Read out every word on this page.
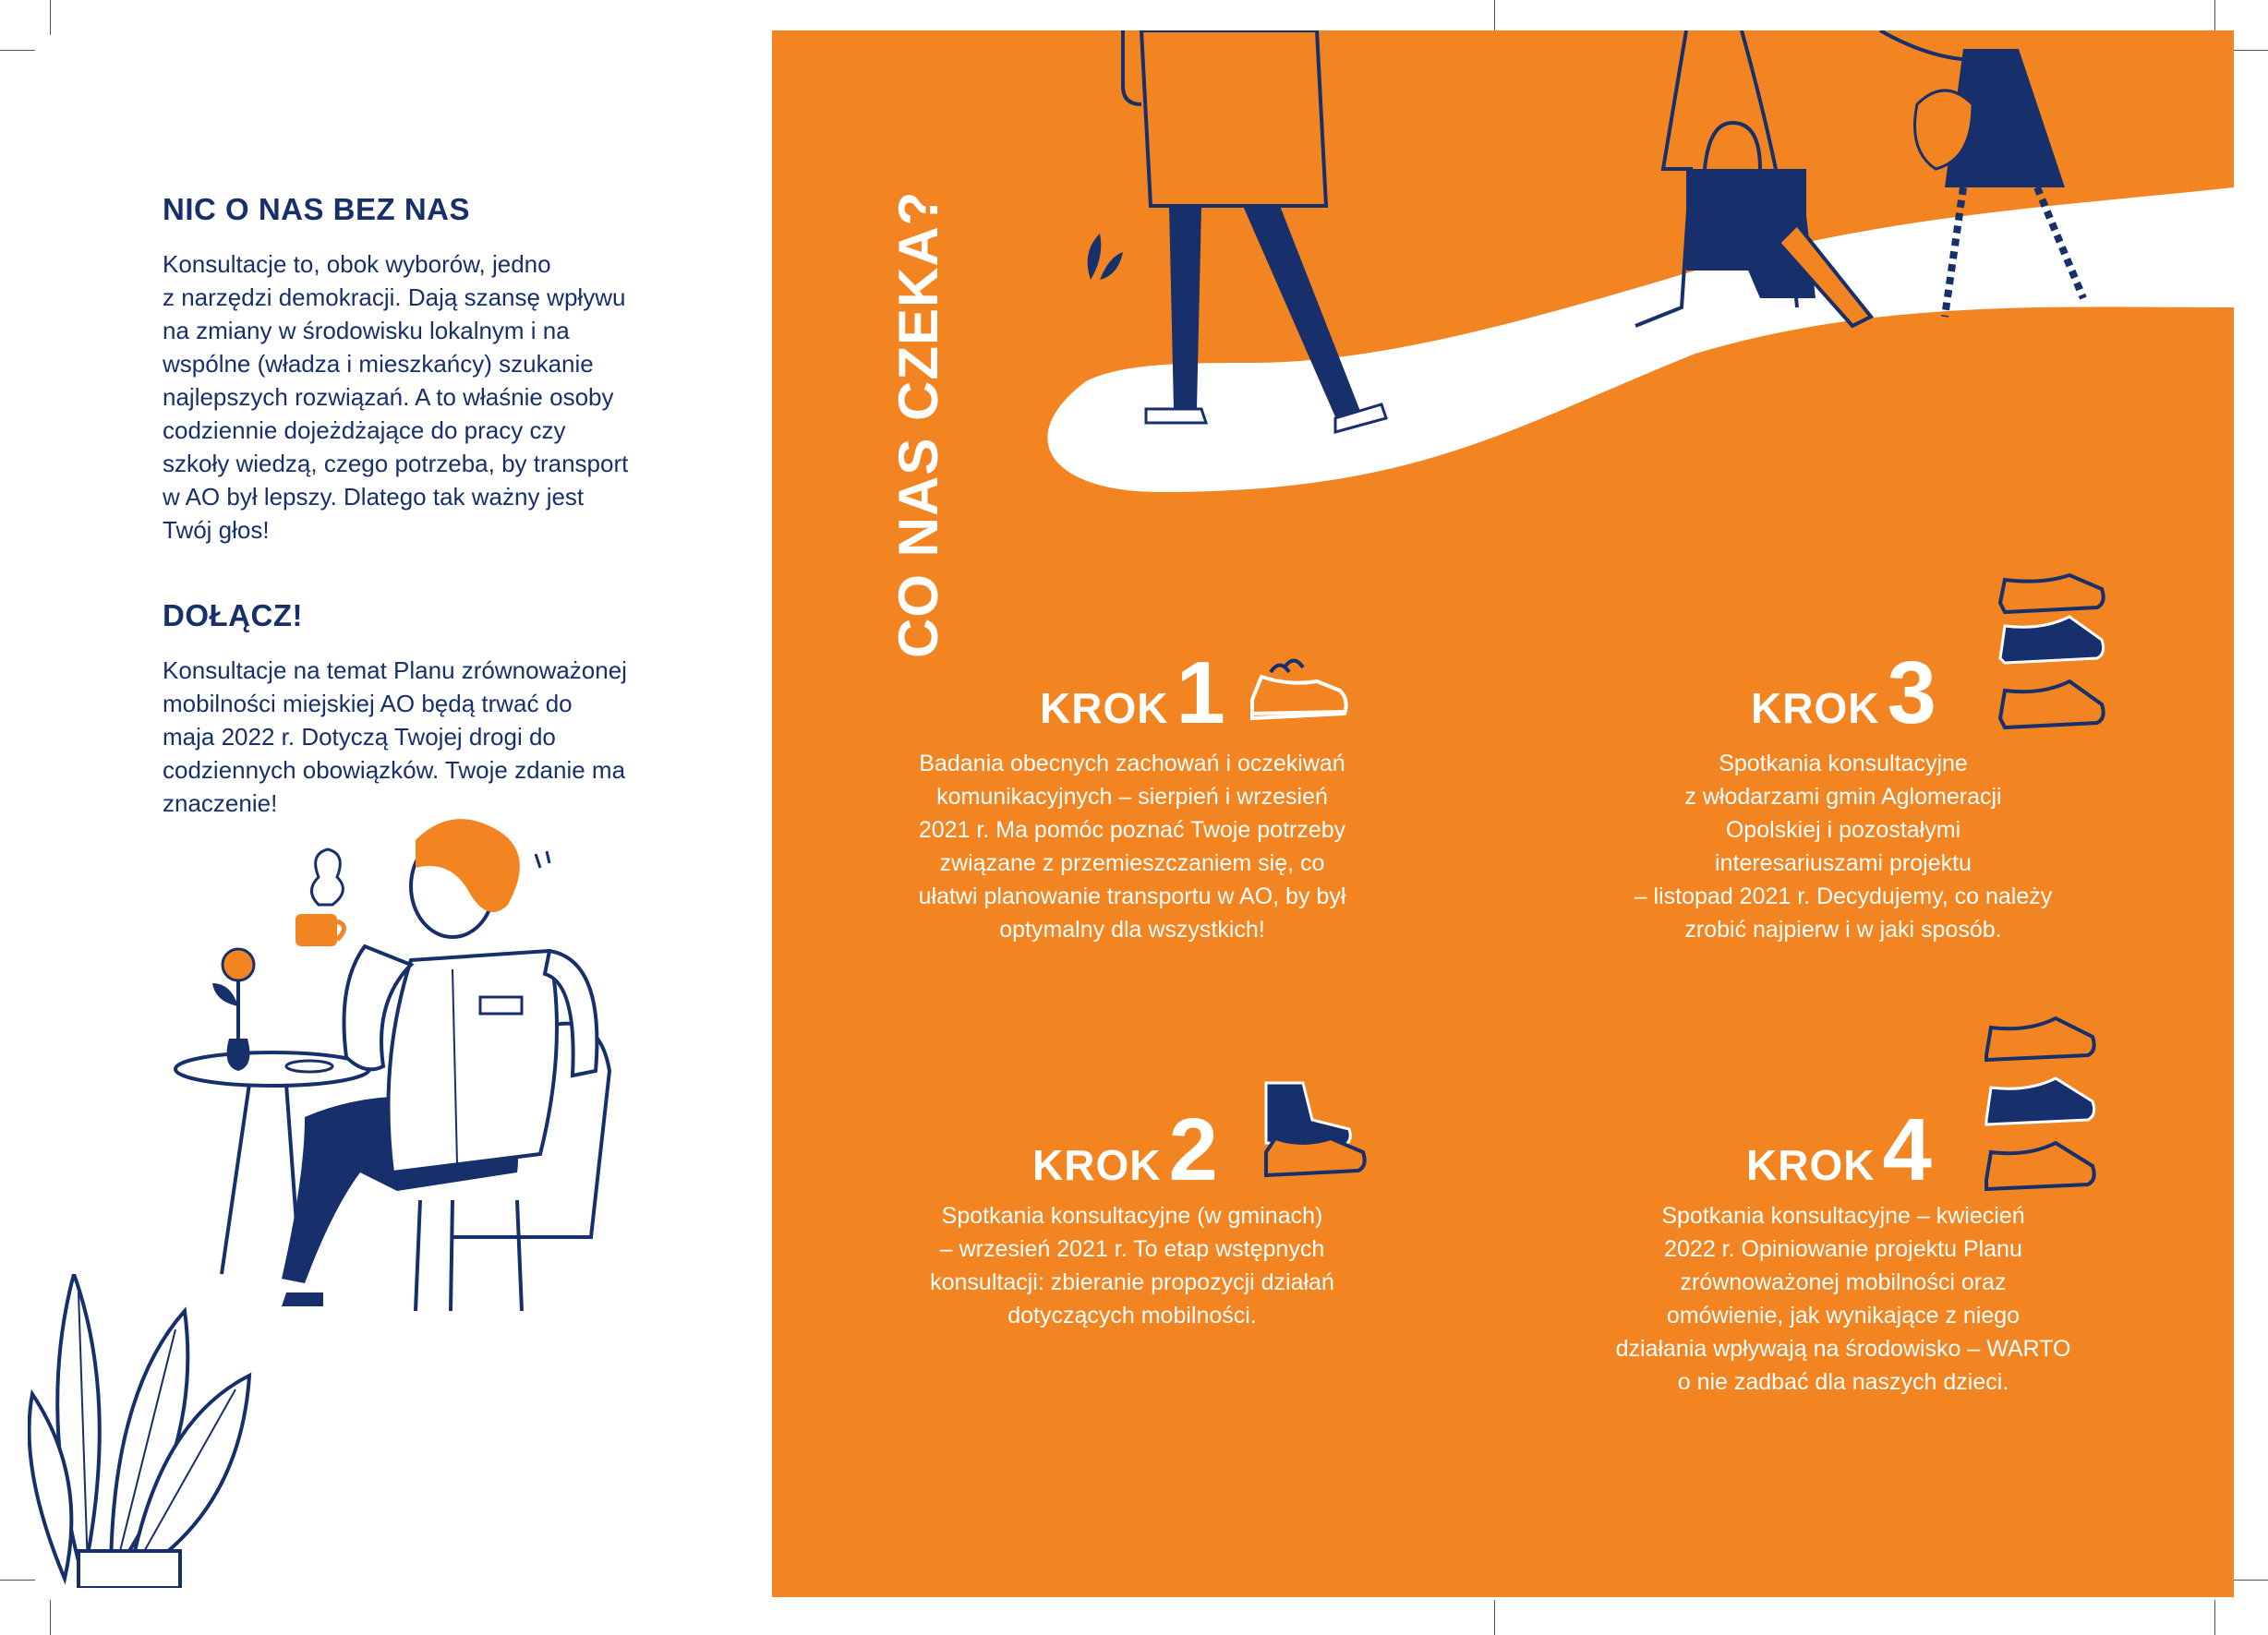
NIC O NAS BEZ NAS

Konsultacje to, obok wyborów, jedno

z narzędzi demokracji. Dają szansę wpływu

na zmiany w środowisku lokalnym i na

wspólne (władza i mieszkańcy) szukanie

najlepszych rozwiązań. A to właśnie osoby

codziennie dojeżdżające do pracy czy

szkoły wiedzą, czego potrzeba, by transport

w AO był lepszy. Dlatego tak ważny jest

Twój głos!

DOŁĄCZ!

Konsultacje na temat Planu zrównoważonej

mobilności miejskiej AO będą trwać do

maja 2022 r. Dotyczą Twojej drogi do

codziennych obowiązków. Twoje zdanie ma

znaczenie!

CO NAS CZEKA?
KROK1
Badania obecnych zachowań i oczekiwań
komunikacyjnych – sierpień i wrzesień
2021 r. Ma pomóc poznać Twoje potrzeby
związane z przemieszczaniem się, co
ułatwi planowanie transportu w AO, by był
optymalny dla wszystkich!
KROK3
Spotkania konsultacyjne
z włodarzami gmin Aglomeracji
Opolskiej i pozostałymi
interesariuszami projektu
– listopad 2021 r. Decydujemy, co należy
zrobić najpierw i w jaki sposób.
KROK2
Spotkania konsultacyjne (w gminach)
– wrzesień 2021 r. To etap wstępnych
konsultacji: zbieranie propozycji działań
dotyczących mobilności.
KROK4
Spotkania konsultacyjne – kwiecień
2022 r. Opiniowanie projektu Planu
zrównoważonej mobilności oraz
omówienie, jak wynikające z niego
działania wpływają na środowisko – WARTO
o nie zadbać dla naszych dzieci.
